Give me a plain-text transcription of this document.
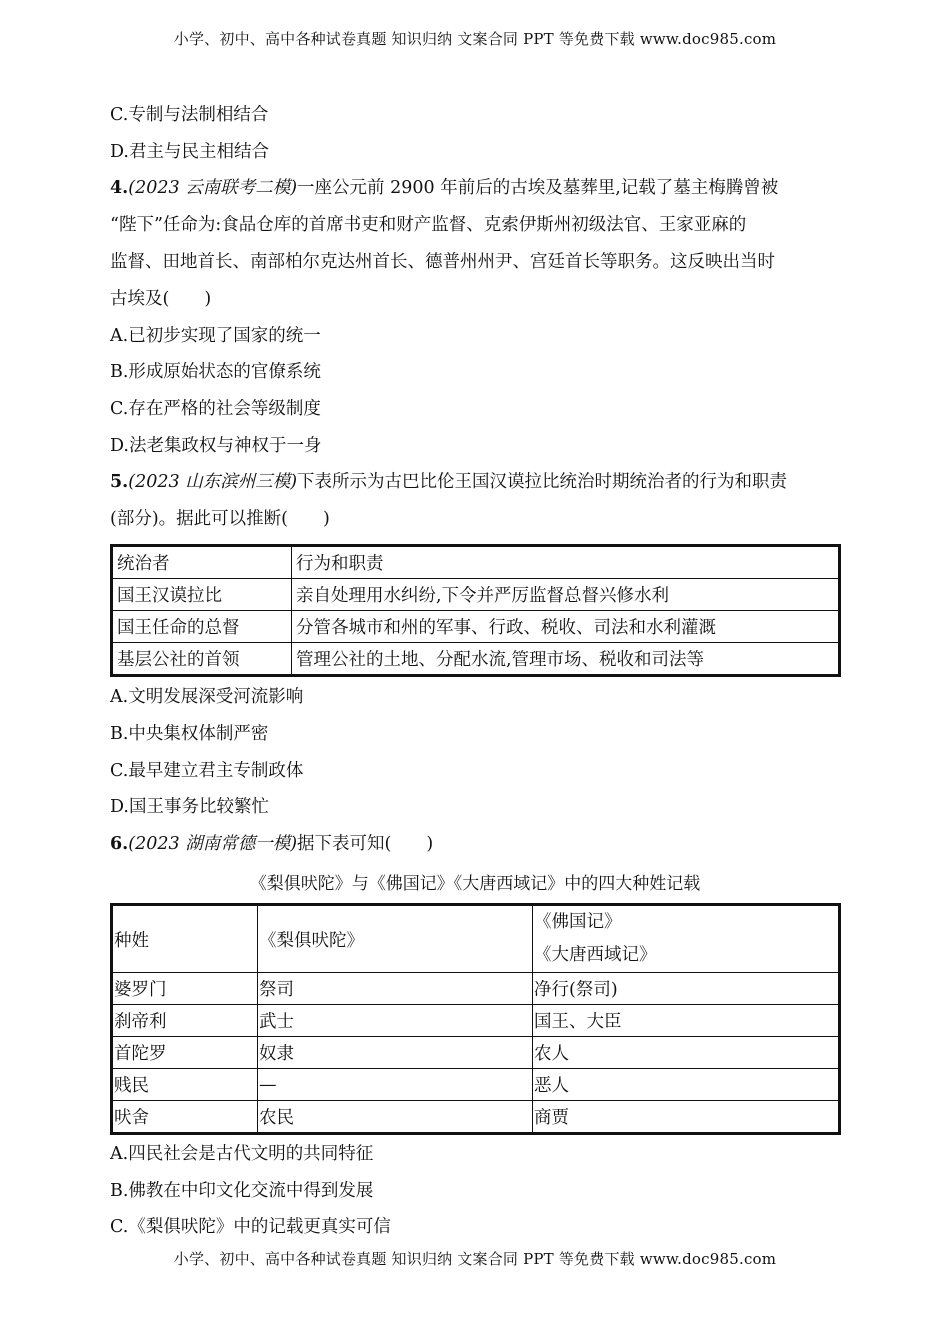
小学、初中、高中各种试卷真题 知识归纳 文案合同 PPT 等免费下载 www.doc985.com
C.专制与法制相结合
D.君主与民主相结合
4.(2023 云南联考二模)一座公元前 2900 年前后的古埃及墓葬里,记载了墓主梅腾曾被
“陛下”任命为:食品仓库的首席书吏和财产监督、克索伊斯州初级法官、王家亚麻的
监督、田地首长、南部柏尔克达州首长、德普州州尹、宫廷首长等职务。这反映出当时
古埃及(　　)
A.已初步实现了国家的统一
B.形成原始状态的官僚系统
C.存在严格的社会等级制度
D.法老集政权与神权于一身
5.(2023 山东滨州三模)下表所示为古巴比伦王国汉谟拉比统治时期统治者的行为和职责
(部分)。据此可以推断(　　)
统治者	行为和职责
国王汉谟拉比	亲自处理用水纠纷,下令并严厉监督总督兴修水利
国王任命的总督	分管各城市和州的军事、行政、税收、司法和水利灌溉
基层公社的首领	管理公社的土地、分配水流,管理市场、税收和司法等
A.文明发展深受河流影响
B.中央集权体制严密
C.最早建立君主专制政体
D.国王事务比较繁忙
6.(2023 湖南常德一模)据下表可知(　　)
《梨俱吠陀》与《佛国记》《大唐西域记》中的四大种姓记载
种姓	《梨俱吠陀》	《佛国记》
《大唐西域记》

婆罗门	祭司	净行(祭司)
刹帝利	武士	国王、大臣
首陀罗	奴隶	农人
贱民	—	恶人
吠舍	农民	商贾
A.四民社会是古代文明的共同特征
B.佛教在中印文化交流中得到发展
C.《梨俱吠陀》中的记载更真实可信
小学、初中、高中各种试卷真题 知识归纳 文案合同 PPT 等免费下载 www.doc985.com
